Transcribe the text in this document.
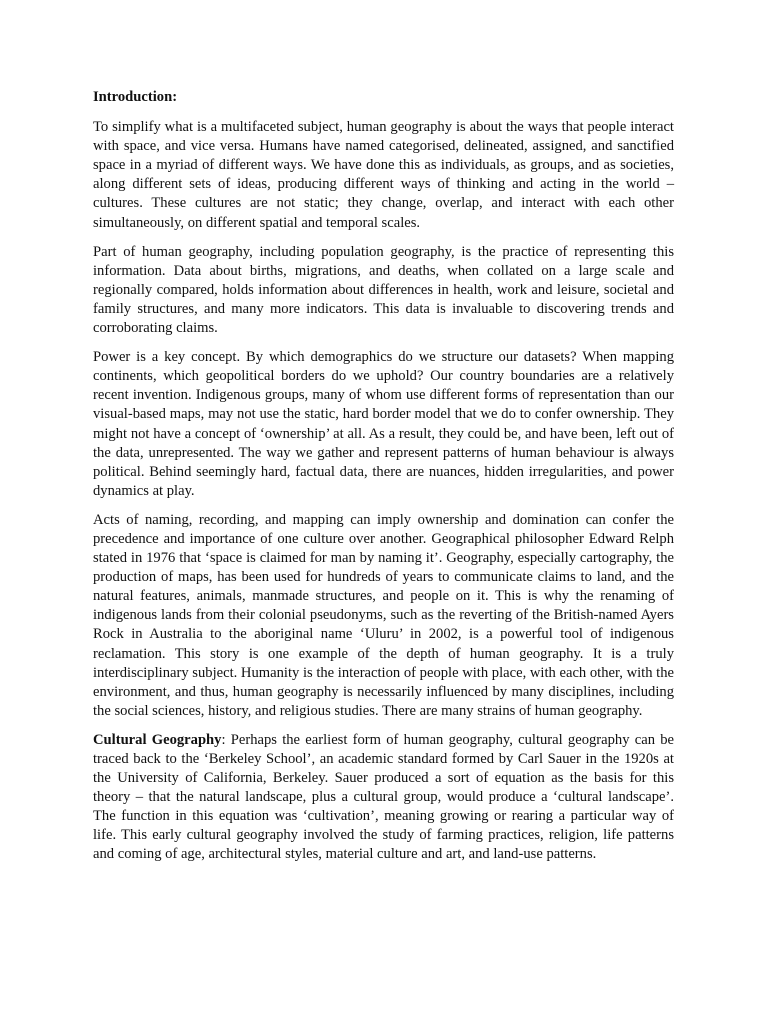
Introduction:

To simplify what is a multifaceted subject, human geography is about the ways that people interact with space, and vice versa. Humans have named categorised, delineated, assigned, and sanctified space in a myriad of different ways. We have done this as individuals, as groups, and as societies, along different sets of ideas, producing different ways of thinking and acting in the world – cultures. These cultures are not static; they change, overlap, and interact with each other simultaneously, on different spatial and temporal scales.

Part of human geography, including population geography, is the practice of representing this information. Data about births, migrations, and deaths, when collated on a large scale and regionally compared, holds information about differences in health, work and leisure, societal and family structures, and many more indicators. This data is invaluable to discovering trends and corroborating claims.

Power is a key concept. By which demographics do we structure our datasets? When mapping continents, which geopolitical borders do we uphold? Our country boundaries are a relatively recent invention. Indigenous groups, many of whom use different forms of representation than our visual-based maps, may not use the static, hard border model that we do to confer ownership. They might not have a concept of ‘ownership’ at all. As a result, they could be, and have been, left out of the data, unrepresented. The way we gather and represent patterns of human behaviour is always political. Behind seemingly hard, factual data, there are nuances, hidden irregularities, and power dynamics at play.

Acts of naming, recording, and mapping can imply ownership and domination can confer the precedence and importance of one culture over another. Geographical philosopher Edward Relph stated in 1976 that ‘space is claimed for man by naming it’. Geography, especially cartography, the production of maps, has been used for hundreds of years to communicate claims to land, and the natural features, animals, manmade structures, and people on it. This is why the renaming of indigenous lands from their colonial pseudonyms, such as the reverting of the British-named Ayers Rock in Australia to the aboriginal name ‘Uluru’ in 2002, is a powerful tool of indigenous reclamation. This story is one example of the depth of human geography. It is a truly interdisciplinary subject. Humanity is the interaction of people with place, with each other, with the environment, and thus, human geography is necessarily influenced by many disciplines, including the social sciences, history, and religious studies. There are many strains of human geography.

Cultural Geography: Perhaps the earliest form of human geography, cultural geography can be traced back to the ‘Berkeley School’, an academic standard formed by Carl Sauer in the 1920s at the University of California, Berkeley. Sauer produced a sort of equation as the basis for this theory – that the natural landscape, plus a cultural group, would produce a ‘cultural landscape’. The function in this equation was ‘cultivation’, meaning growing or rearing a particular way of life. This early cultural geography involved the study of farming practices, religion, life patterns and coming of age, architectural styles, material culture and art, and land-use patterns.
